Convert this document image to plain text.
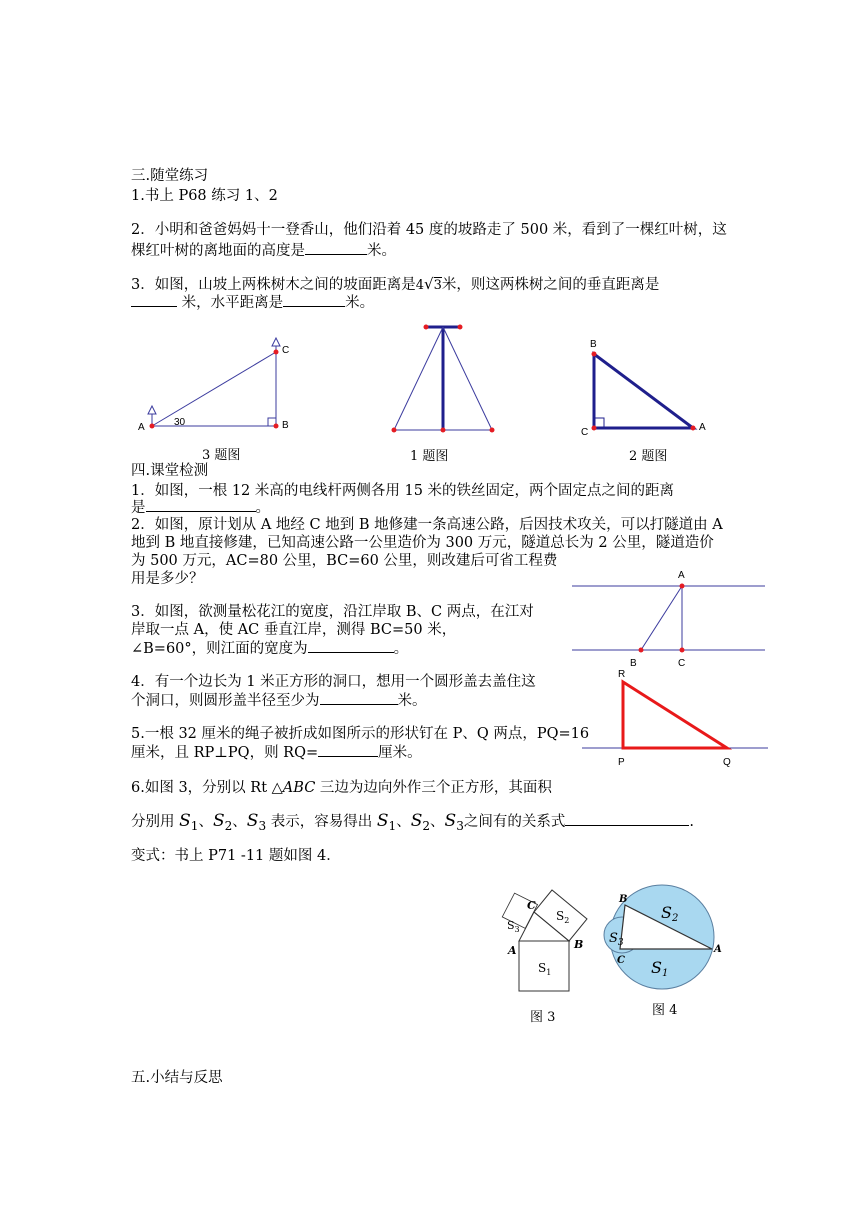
三.随堂练习
1.书上 P68 练习 1、2
2．小明和爸爸妈妈十一登香山，他们沿着 45 度的坡路走了 500 米，看到了一棵红叶树，这
棵红叶树的离地面的高度是	米。
3．如图，山坡上两株树木之间的坡面距离是4√3米，则这两株树之间的垂直距离是
米，水平距离是	米。
A	B
C
30
3 题图	1 题图
B
C	A
2 题图
四.课堂检测
1．如图，一根 12 米高的电线杆两侧各用 15 米的铁丝固定，两个固定点之间的距离
是	。
2．如图，原计划从 A 地经 C 地到 B 地修建一条高速公路，后因技术攻关，可以打隧道由 A
地到 B 地直接修建，已知高速公路一公里造价为 300 万元，隧道总长为 2 公里，隧道造价
为 500 万元，AC=80 公里，BC=60 公里，则改建后可省工程费
用是多少？
3．如图，欲测量松花江的宽度，沿江岸取 B、C 两点，在江对
岸取一点 A，使 AC 垂直江岸，测得 BC=50 米，
∠B=60°，则江面的宽度为	。
4．有一个边长为 1 米正方形的洞口，想用一个圆形盖去盖住这
个洞口，则圆形盖半径至少为	米。
5.一根 32 厘米的绳子被折成如图所示的形状钉在 P、Q 两点，PQ=16
厘米，且 RP⊥PQ，则 RQ=	厘米。
6.如图 3，分别以 Rt △ABC 三边为边向外作三个正方形，其面积
分别用 $S_1$、$S_2$、$S_3$ 表示，容易得出 $S_1$、$S_2$、$S_3$之间有的关系式	.
变式：书上 P71 -11 题如图 4．
A
B	C
R
P	Q
A	B
C
$S_1$
$S_2$
$S_3$
图 3
B
A
C S1
S2
$S_3$
图 4
五.小结与反思
